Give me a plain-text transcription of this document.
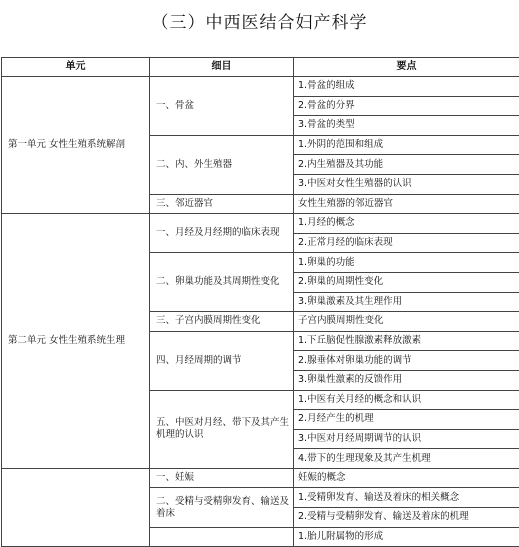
（三）中西医结合妇产科学
单元	细目	要点
第一单元 女性生殖系统解剖	一、骨盆	1.骨盆的组成
		2.骨盆的分界
		3.骨盆的类型
	二、内、外生殖器	1.外阴的范围和组成
		2.内生殖器及其功能
		3.中医对女性生殖器的认识
	三、邻近器官	女性生殖器的邻近器官
第二单元 女性生殖系统生理	一、月经及月经期的临床表现	1.月经的概念
		2.正常月经的临床表现
	二、卵巢功能及其周期性变化	1.卵巢的功能
		2.卵巢的周期性变化
		3.卵巢激素及其生理作用
	三、子宫内膜周期性变化	子宫内膜周期性变化
	四、月经周期的调节	1.下丘脑促性腺激素释放激素
		2.腺垂体对卵巢功能的调节
		3.卵巢性激素的反馈作用
	五、中医对月经、带下及其产生机理的认识	1.中医有关月经的概念和认识
		2.月经产生的机理
		3.中医对月经周期调节的认识
		4.带下的生理现象及其产生机理
	一、妊娠	妊娠的概念
	二、受精与受精卵发育、输送及着床	1.受精卵发育、输送及着床的相关概念
		2.受精与受精卵发育、输送及着床的机理
		1.胎儿附属物的形成
